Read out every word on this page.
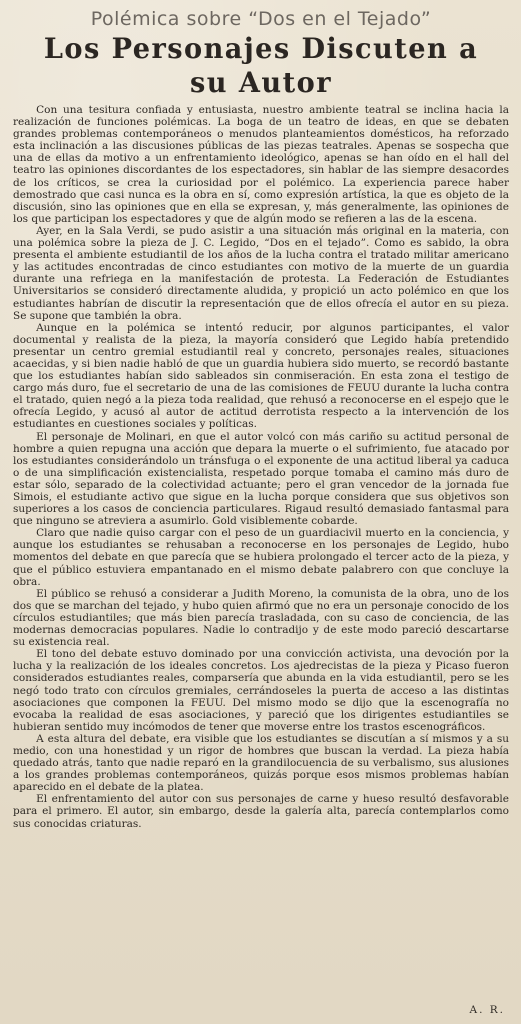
Polémica sobre “Dos en el Tejado”
Los Personajes Discuten a su Autor

Con una tesitura confiada y entusiasta, nuestro ambiente teatral se inclina hacia la realización de funciones polémicas. La boga de un teatro de ideas, en que se debaten grandes problemas contemporáneos o menudos planteamientos domésticos, ha reforzado esta inclinación a las discusiones públicas de las piezas teatrales. Apenas se sospecha que una de ellas da motivo a un enfrentamiento ideológico, apenas se han oído en el hall del teatro las opiniones discordantes de los espectadores, sin hablar de las siempre desacordes de los críticos, se crea la curiosidad por el polémico. La experiencia parece haber demostrado que casi nunca es la obra en sí, como expresión artística, la que es objeto de la discusión, sino las opiniones que en ella se expresan, y, más generalmente, las opiniones de los que participan los espectadores y que de algún modo se refieren a las de la escena.

Ayer, en la Sala Verdi, se pudo asistir a una situación más original en la materia, con una polémica sobre la pieza de J. C. Legido, “Dos en el tejado”. Como es sabido, la obra presenta el ambiente estudiantil de los años de la lucha contra el tratado militar americano y las actitudes encontradas de cinco estudiantes con motivo de la muerte de un guardia durante una refriega en la manifestación de protesta. La Federación de Estudiantes Universitarios se consideró directamente aludida, y propició un acto polémico en que los estudiantes habrían de discutir la representación que de ellos ofrecía el autor en su pieza. Se supone que también la obra.

Aunque en la polémica se intentó reducir, por algunos participantes, el valor documental y realista de la pieza, la mayoría consideró que Legido había pretendido presentar un centro gremial estudiantil real y concreto, personajes reales, situaciones acaecidas, y si bien nadie habló de que un guardia hubiera sido muerto, se recordó bastante que los estudiantes habían sido sableados sin conmiseración. En esta zona el testigo de cargo más duro, fue el secretario de una de las comisiones de FEUU durante la lucha contra el tratado, quien negó a la pieza toda realidad, que rehusó a reconocerse en el espejo que le ofrecía Legido, y acusó al autor de actitud derrotista respecto a la intervención de los estudiantes en cuestiones sociales y políticas.

El personaje de Molinari, en que el autor volcó con más cariño su actitud personal de hombre a quien repugna una acción que depara la muerte o el sufrimiento, fue atacado por los estudiantes considerándolo un tránsfuga o el exponente de una actitud liberal ya caduca o de una simplificación existencialista, respetado porque tomaba el camino más duro de estar sólo, separado de la colectividad actuante; pero el gran vencedor de la jornada fue Simois, el estudiante activo que sigue en la lucha porque considera que sus objetivos son superiores a los casos de conciencia particulares. Rigaud resultó demasiado fantasmal para que ninguno se atreviera a asumirlo. Gold visiblemente cobarde.

Claro que nadie quiso cargar con el peso de un guardiacivil muerto en la conciencia, y aunque los estudiantes se rehusaban a reconocerse en los personajes de Legido, hubo momentos del debate en que parecía que se hubiera prolongado el tercer acto de la pieza, y que el público estuviera empantanado en el mismo debate palabrero con que concluye la obra.

El público se rehusó a considerar a Judith Moreno, la comunista de la obra, uno de los dos que se marchan del tejado, y hubo quien afirmó que no era un personaje conocido de los círculos estudiantiles; que más bien parecía trasladada, con su caso de conciencia, de las modernas democracias populares. Nadie lo contradijo y de este modo pareció descartarse su existencia real.

El tono del debate estuvo dominado por una convicción activista, una devoción por la lucha y la realización de los ideales concretos. Los ajedrecistas de la pieza y Picaso fueron considerados estudiantes reales, comparsería que abunda en la vida estudiantil, pero se les negó todo trato con círculos gremiales, cerrándoseles la puerta de acceso a las distintas asociaciones que componen la FEUU. Del mismo modo se dijo que la escenografía no evocaba la realidad de esas asociaciones, y pareció que los dirigentes estudiantiles se hubieran sentido muy incómodos de tener que moverse entre los trastos escenográficos.

A esta altura del debate, era visible que los estudiantes se discutían a sí mismos y a su medio, con una honestidad y un rigor de hombres que buscan la verdad. La pieza había quedado atrás, tanto que nadie reparó en la grandilocuencia de su verbalismo, sus alusiones a los grandes problemas contemporáneos, quizás porque esos mismos problemas habían aparecido en el debate de la platea.

El enfrentamiento del autor con sus personajes de carne y hueso resultó desfavorable para el primero. El autor, sin embargo, desde la galería alta, parecía contemplarlos como sus conocidas criaturas.

A. R.
